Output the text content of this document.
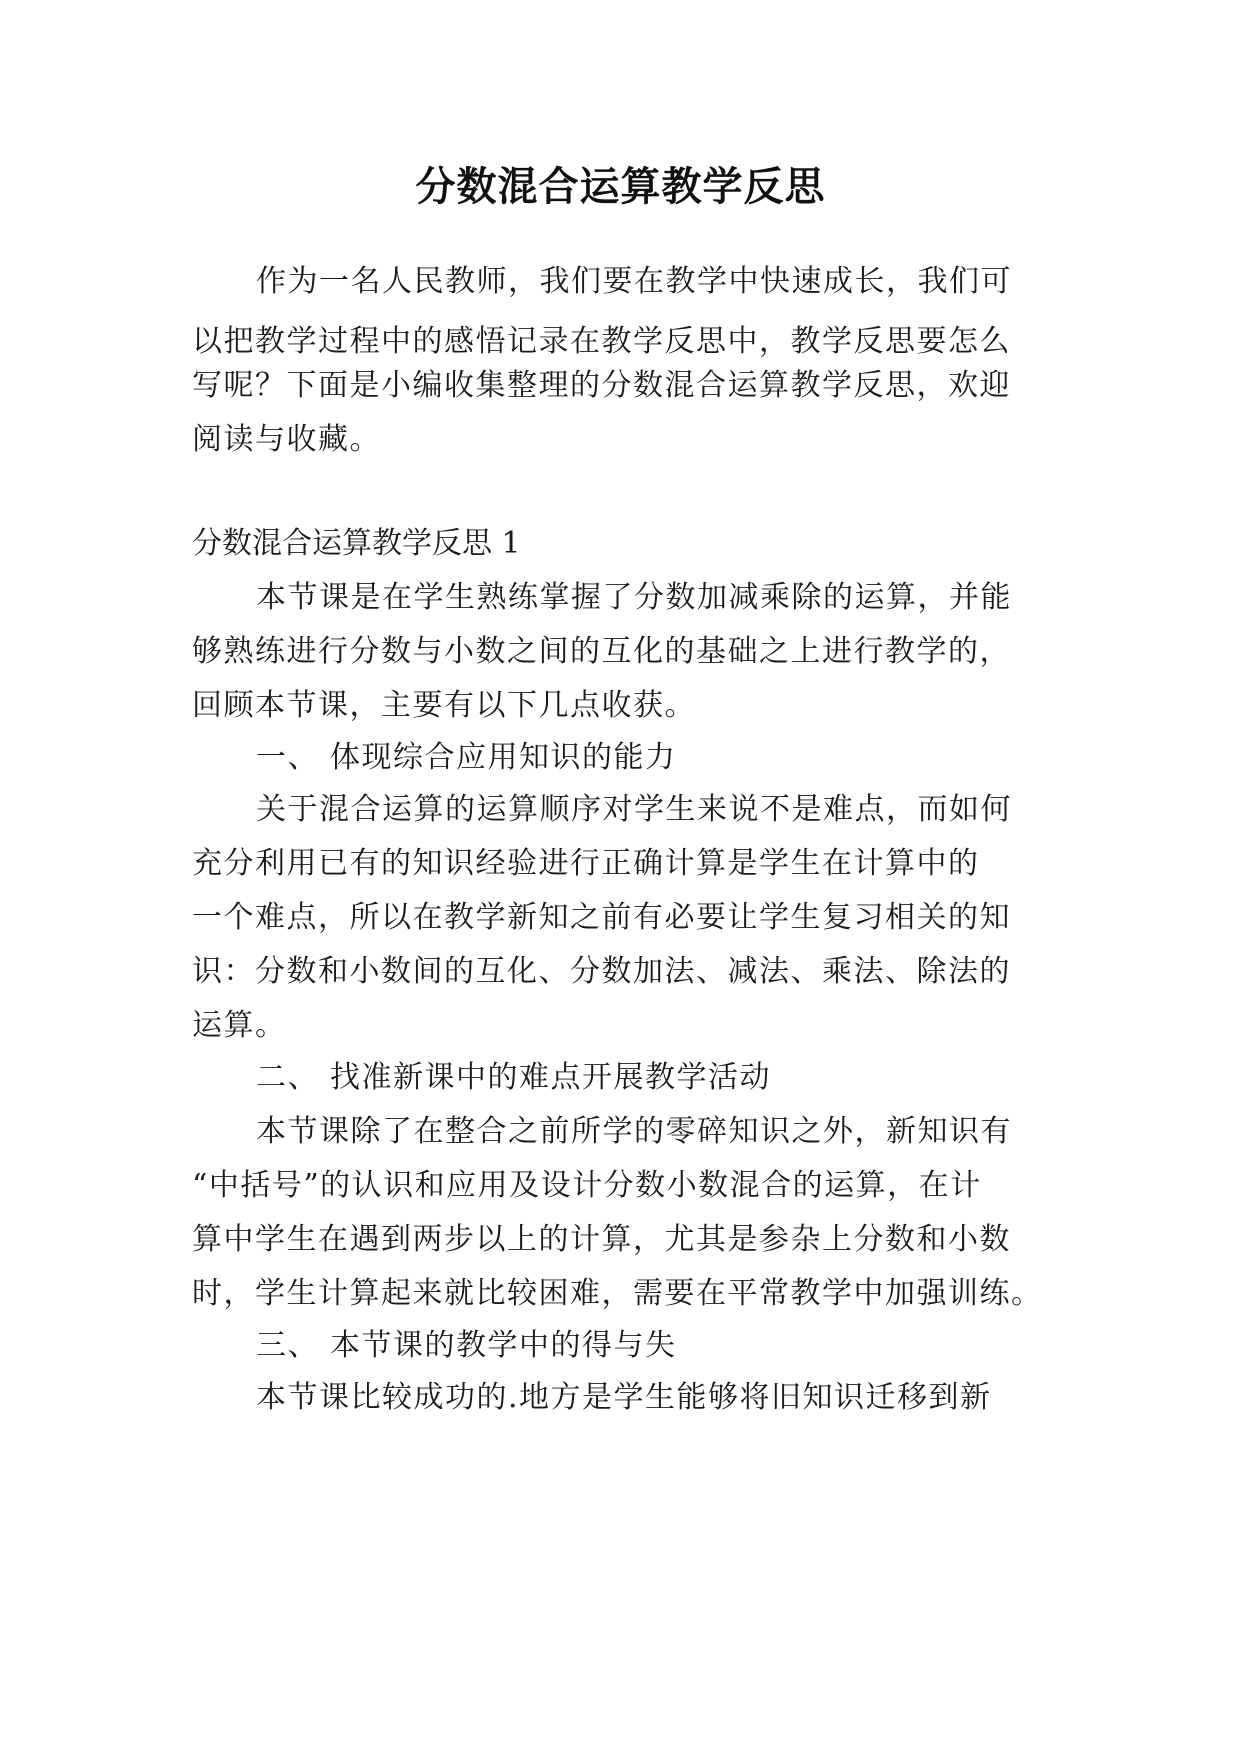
分数混合运算教学反思

作为一名人民教师，我们要在教学中快速成长，我们可

以把教学过程中的感悟记录在教学反思中，教学反思要怎么

写呢？下面是小编收集整理的分数混合运算教学反思，欢迎

阅读与收藏。

分数混合运算教学反思 1

本节课是在学生熟练掌握了分数加减乘除的运算，并能

够熟练进行分数与小数之间的互化的基础之上进行教学的，

回顾本节课，主要有以下几点收获。

一、 体现综合应用知识的能力

关于混合运算的运算顺序对学生来说不是难点，而如何

充分利用已有的知识经验进行正确计算是学生在计算中的

一个难点，所以在教学新知之前有必要让学生复习相关的知

识：分数和小数间的互化、分数加法、减法、乘法、除法的

运算。

二、 找准新课中的难点开展教学活动

本节课除了在整合之前所学的零碎知识之外，新知识有

“中括号”的认识和应用及设计分数小数混合的运算，在计

算中学生在遇到两步以上的计算，尤其是参杂上分数和小数

时，学生计算起来就比较困难，需要在平常教学中加强训练。

三、 本节课的教学中的得与失

本节课比较成功的.地方是学生能够将旧知识迁移到新
